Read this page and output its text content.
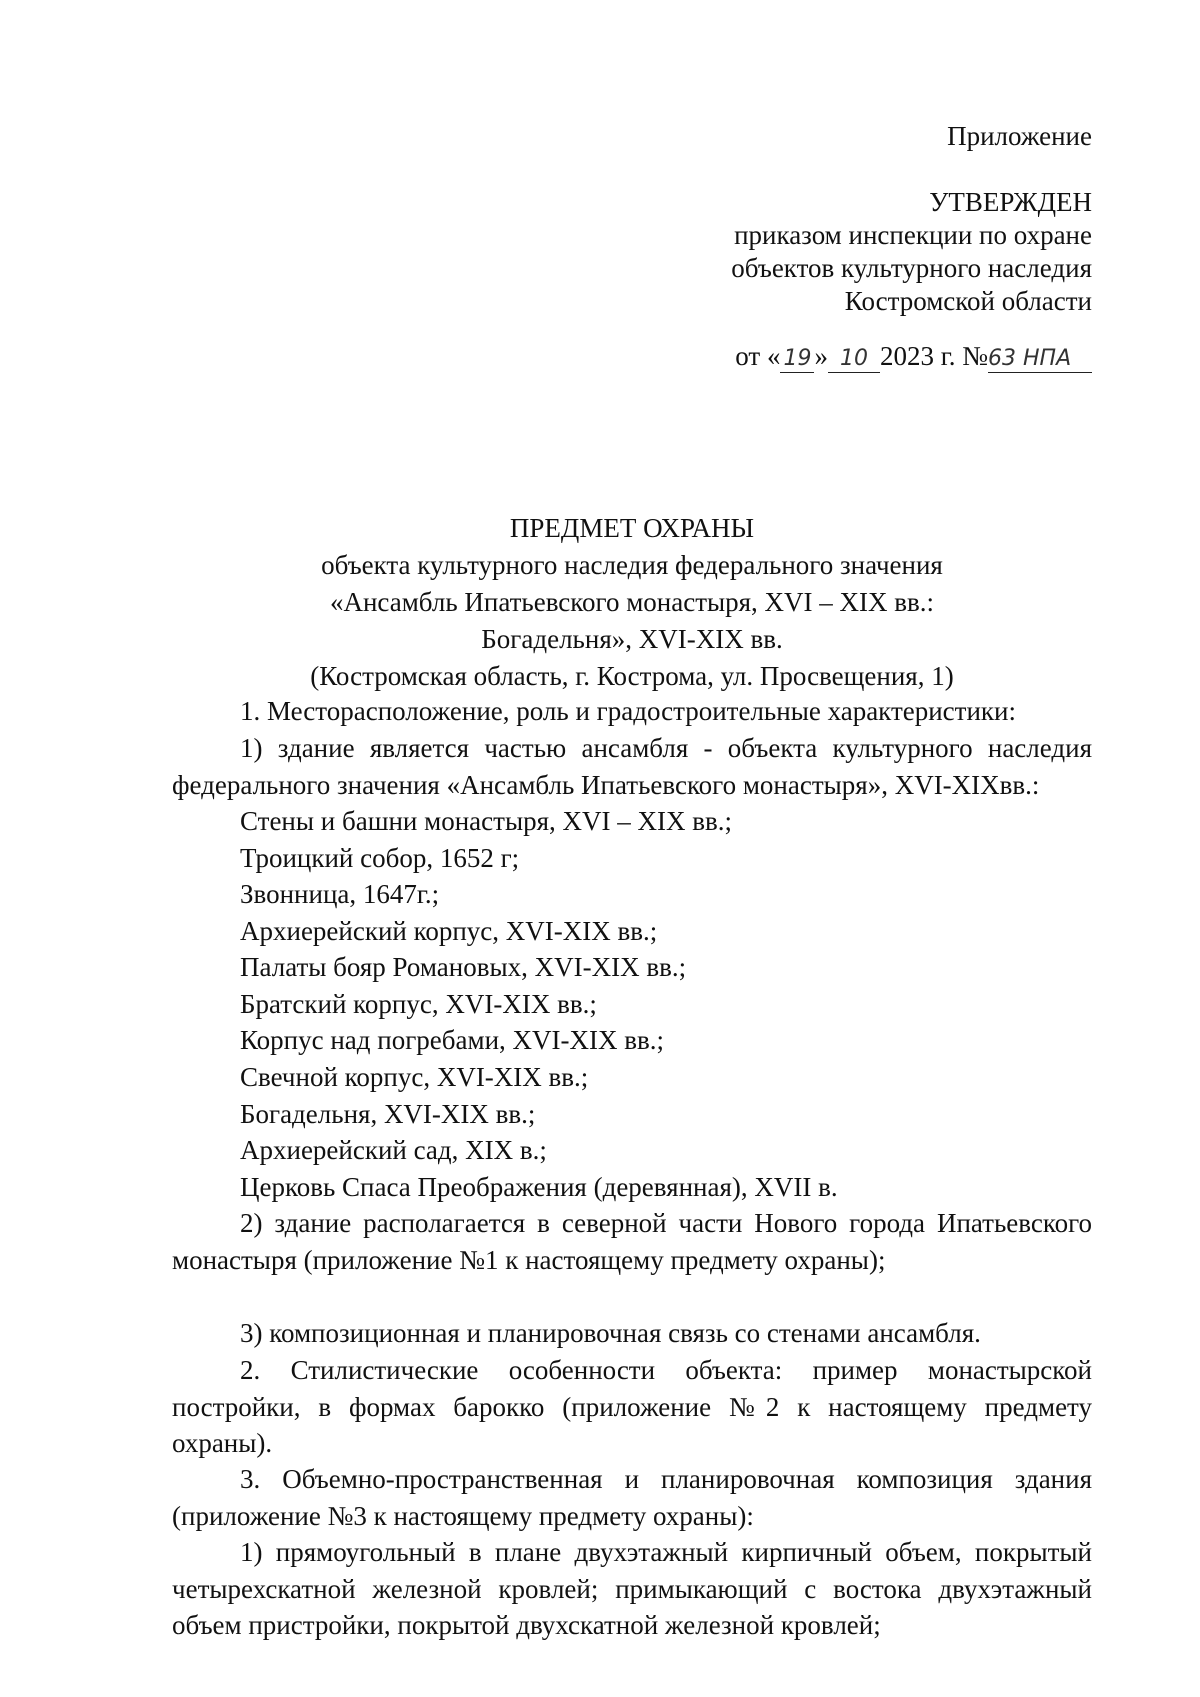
Приложение
УТВЕРЖДЕН
приказом инспекции по охране
объектов культурного наследия
Костромской области
от « 19 » 10 2023 г. №63 НПА
ПРЕДМЕТ ОХРАНЫ
объекта культурного наследия федерального значения
«Ансамбль Ипатьевского монастыря, XVI – XIX вв.:
Богадельня», XVI-XIX вв.
(Костромская область, г. Кострома, ул. Просвещения, 1)
1. Месторасположение, роль и градостроительные характеристики:
1) здание является частью ансамбля - объекта культурного наследия федерального значения «Ансамбль Ипатьевского монастыря», XVI-XIXвв.:
Стены и башни монастыря, XVI – XIX вв.;
Троицкий собор, 1652 г;
Звонница, 1647г.;
Архиерейский корпус, XVI-XIX вв.;
Палаты бояр Романовых, XVI-XIX вв.;
Братский корпус, XVI-XIX вв.;
Корпус над погребами, XVI-XIX вв.;
Свечной корпус, XVI-XIX вв.;
Богадельня, XVI-XIX вв.;
Архиерейский сад, XIX в.;
Церковь Спаса Преображения (деревянная), XVII в.
2) здание располагается в северной части Нового города Ипатьевского монастыря (приложение №1 к настоящему предмету охраны);
3) композиционная и планировочная связь со стенами ансамбля.
2. Стилистические особенности объекта: пример монастырской постройки, в формах барокко (приложение №2 к настоящему предмету охраны).
3. Объемно-пространственная и планировочная композиция здания (приложение №3 к настоящему предмету охраны):
1) прямоугольный в плане двухэтажный кирпичный объем, покрытый четырехскатной железной кровлей; примыкающий с востока двухэтажный объем пристройки, покрытой двухскатной железной кровлей;
